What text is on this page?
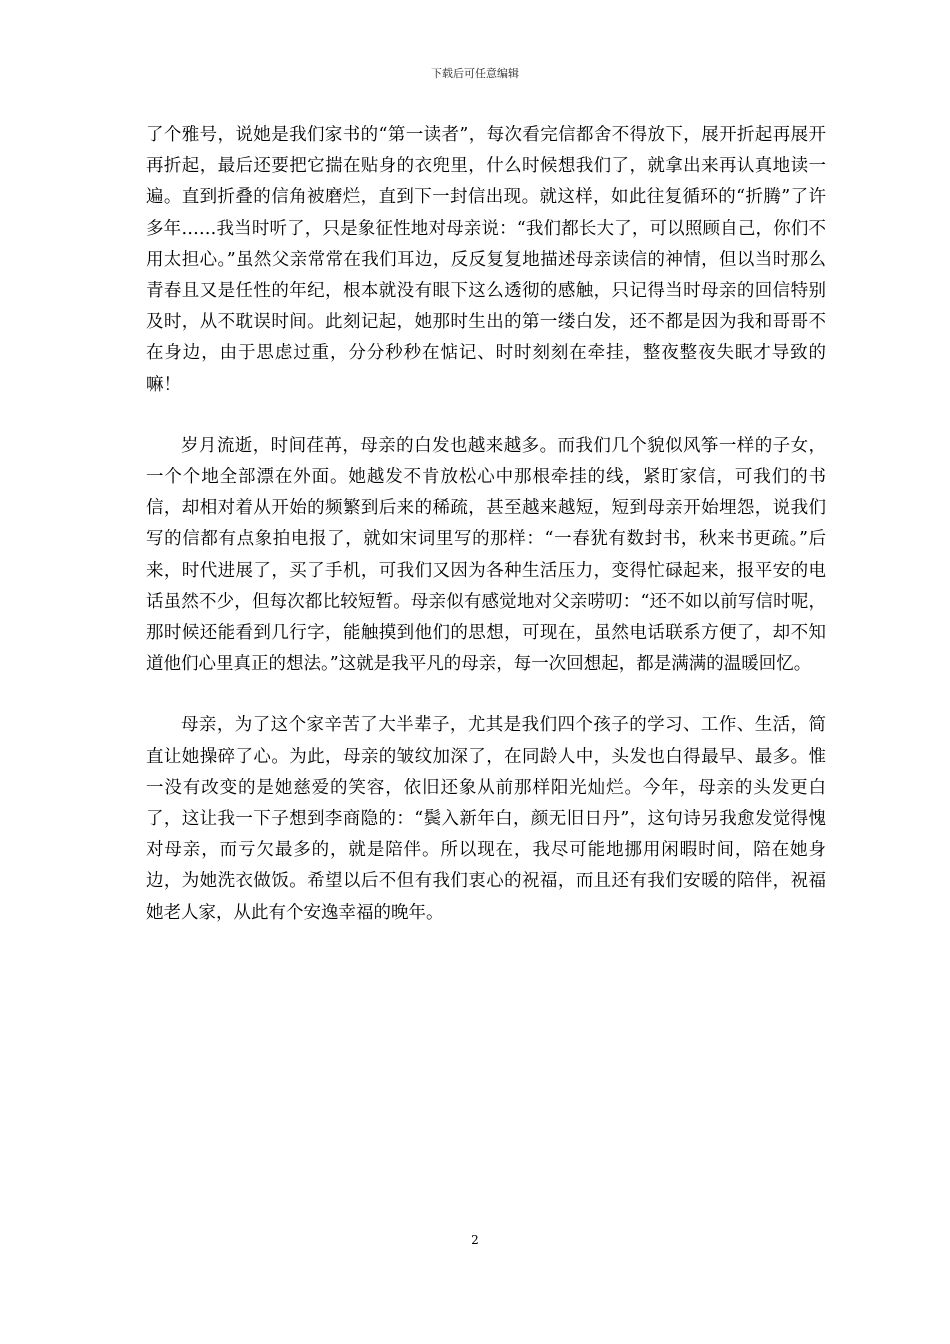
下载后可任意编辑

了个雅号，说她是我们家书的“第一读者”，每次看完信都舍不得放下，展开折起再展开再折起，最后还要把它揣在贴身的衣兜里，什么时候想我们了，就拿出来再认真地读一遍。直到折叠的信角被磨烂，直到下一封信出现。就这样，如此往复循环的“折腾”了许多年……我当时听了，只是象征性地对母亲说：“我们都长大了，可以照顾自己，你们不用太担心。”虽然父亲常常在我们耳边，反反复复地描述母亲读信的神情，但以当时那么青春且又是任性的年纪，根本就没有眼下这么透彻的感触，只记得当时母亲的回信特别及时，从不耽误时间。此刻记起，她那时生出的第一缕白发，还不都是因为我和哥哥不在身边，由于思虑过重，分分秒秒在惦记、时时刻刻在牵挂，整夜整夜失眠才导致的嘛！

岁月流逝，时间荏苒，母亲的白发也越来越多。而我们几个貌似风筝一样的子女，一个个地全部漂在外面。她越发不肯放松心中那根牵挂的线，紧盯家信，可我们的书信，却相对着从开始的频繁到后来的稀疏，甚至越来越短，短到母亲开始埋怨，说我们写的信都有点象拍电报了，就如宋词里写的那样：“一春犹有数封书，秋来书更疏。”后来，时代进展了，买了手机，可我们又因为各种生活压力，变得忙碌起来，报平安的电话虽然不少，但每次都比较短暂。母亲似有感觉地对父亲唠叨：“还不如以前写信时呢，那时候还能看到几行字，能触摸到他们的思想，可现在，虽然电话联系方便了，却不知道他们心里真正的想法。”这就是我平凡的母亲，每一次回想起，都是满满的温暖回忆。

母亲，为了这个家辛苦了大半辈子，尤其是我们四个孩子的学习、工作、生活，简直让她操碎了心。为此，母亲的皱纹加深了，在同龄人中，头发也白得最早、最多。惟一没有改变的是她慈爱的笑容，依旧还象从前那样阳光灿烂。今年，母亲的头发更白了，这让我一下子想到李商隐的：“鬓入新年白，颜无旧日丹”，这句诗另我愈发觉得愧对母亲，而亏欠最多的，就是陪伴。所以现在，我尽可能地挪用闲暇时间，陪在她身边，为她洗衣做饭。希望以后不但有我们衷心的祝福，而且还有我们安暖的陪伴，祝福她老人家，从此有个安逸幸福的晚年。

2
